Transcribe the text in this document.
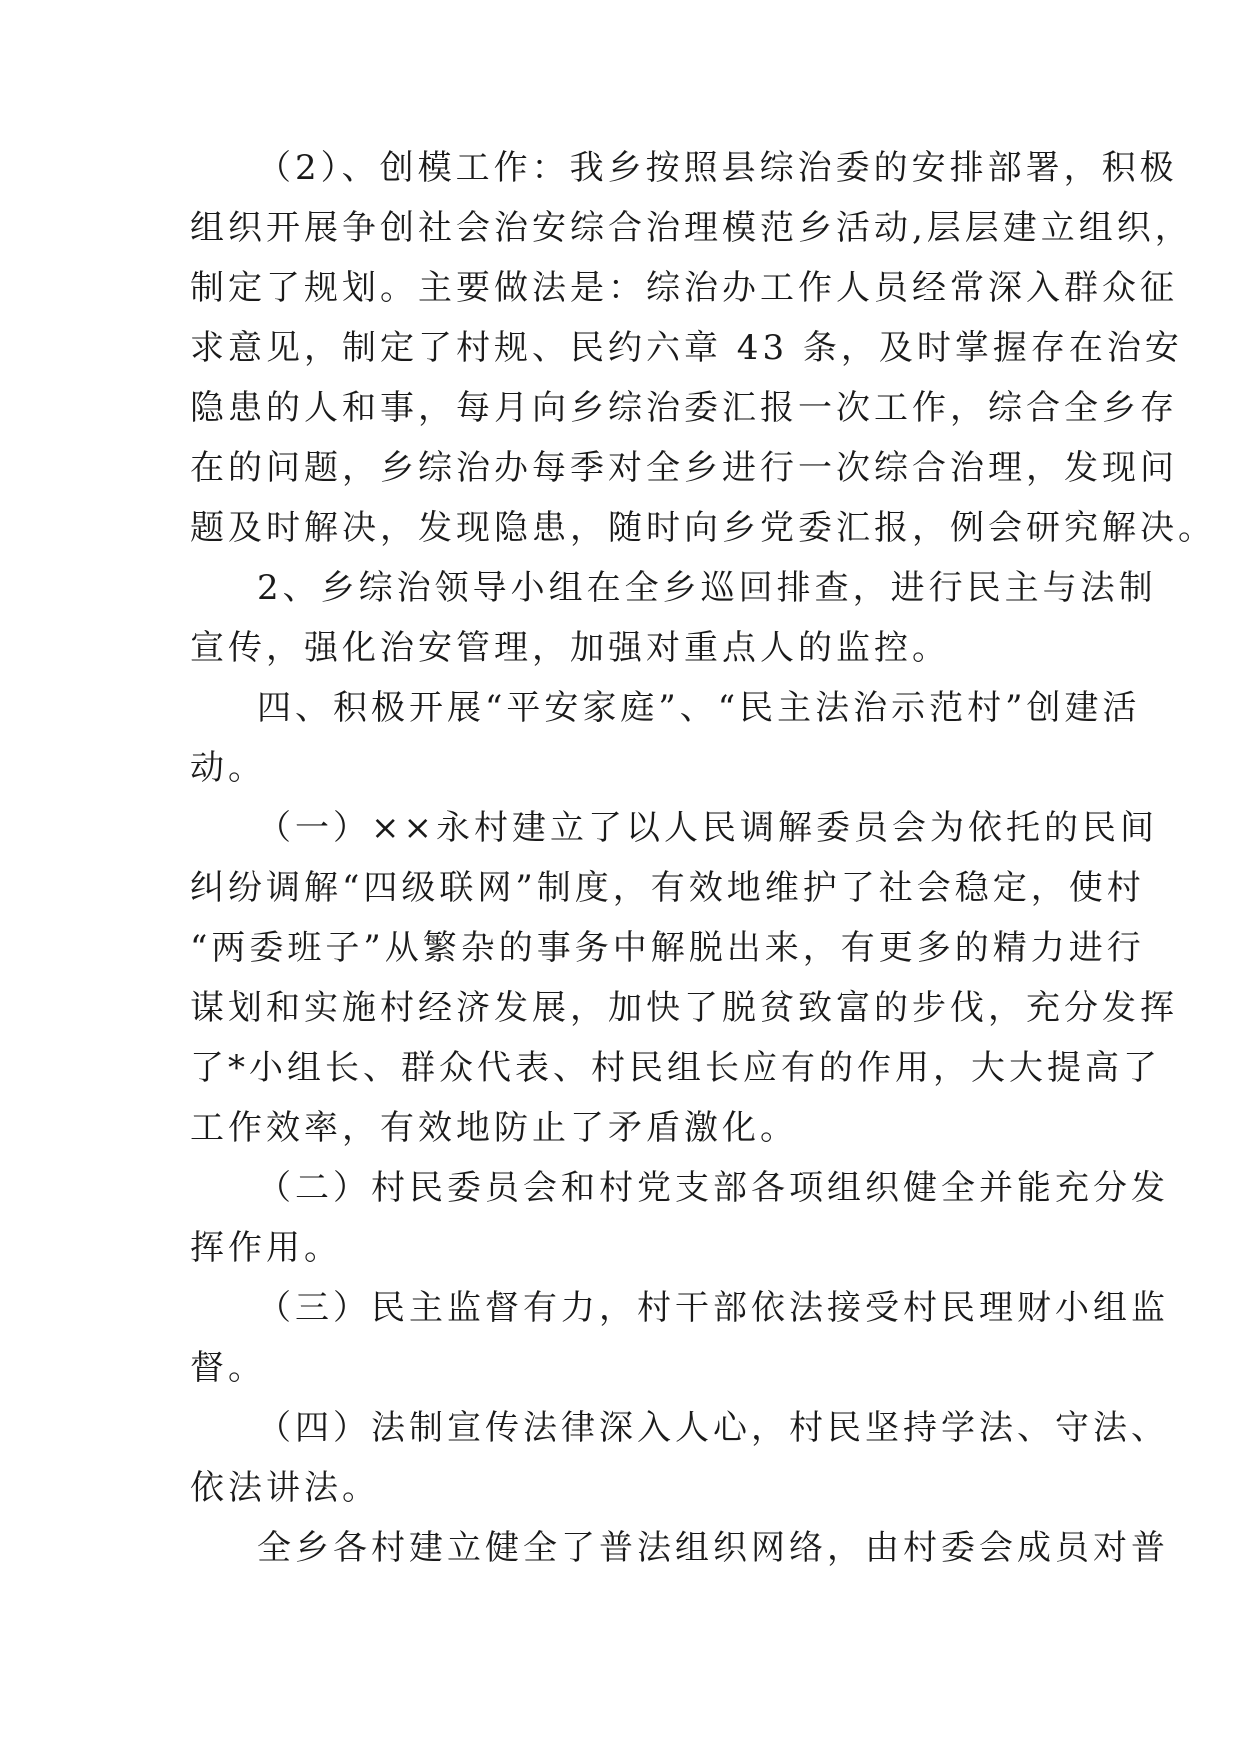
（2）、创模工作：我乡按照县综治委的安排部署，积极
组织开展争创社会治安综合治理模范乡活动,层层建立组织，
制定了规划。主要做法是：综治办工作人员经常深入群众征
求意见，制定了村规、民约六章 43 条，及时掌握存在治安
隐患的人和事，每月向乡综治委汇报一次工作，综合全乡存
在的问题，乡综治办每季对全乡进行一次综合治理，发现问
题及时解决，发现隐患，随时向乡党委汇报，例会研究解决。
2、乡综治领导小组在全乡巡回排查，进行民主与法制
宣传，强化治安管理，加强对重点人的监控。
四、积极开展“平安家庭”、“民主法治示范村”创建活
动。
（一）××永村建立了以人民调解委员会为依托的民间
纠纷调解“四级联网”制度，有效地维护了社会稳定，使村
“两委班子”从繁杂的事务中解脱出来，有更多的精力进行
谋划和实施村经济发展，加快了脱贫致富的步伐，充分发挥
了*小组长、群众代表、村民组长应有的作用，大大提高了
工作效率，有效地防止了矛盾激化。
（二）村民委员会和村党支部各项组织健全并能充分发
挥作用。
（三）民主监督有力，村干部依法接受村民理财小组监
督。
（四）法制宣传法律深入人心，村民坚持学法、守法、
依法讲法。
全乡各村建立健全了普法组织网络，由村委会成员对普
